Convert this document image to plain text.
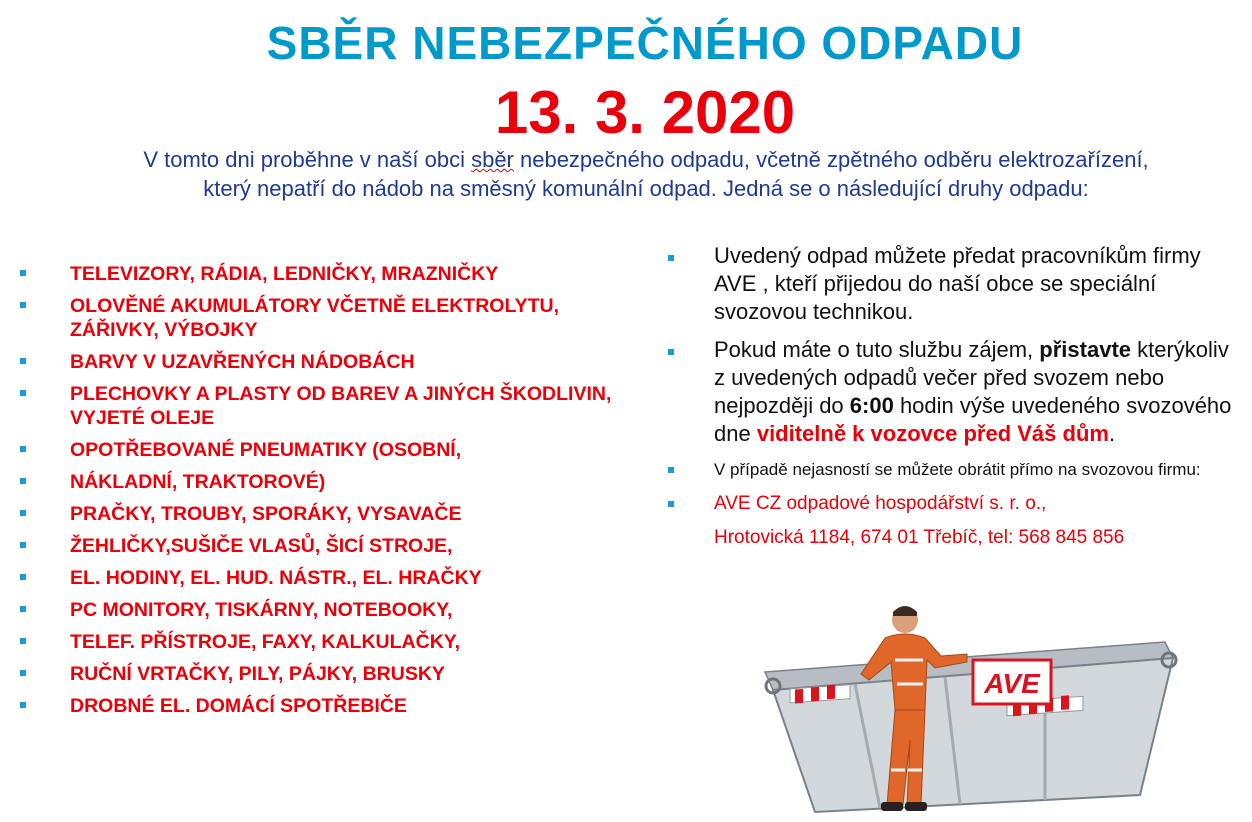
SBĚR NEBEZPEČNÉHO ODPADU
13. 3. 2020

V tomto dni proběhne v naší obci sběr nebezpečného odpadu, včetně zpětného odběru elektrozařízení,
který nepatří do nádob na směsný komunální odpad. Jedná se o následující druhy odpadu:

TELEVIZORY, RÁDIA, LEDNIČKY, MRAZNIČKY
OLOVĚNÉ AKUMULÁTORY VČETNĚ ELEKTROLYTU, ZÁŘIVKY, VÝBOJKY
BARVY V UZAVŘENÝCH NÁDOBÁCH
PLECHOVKY A PLASTY OD BAREV A JINÝCH ŠKODLIVIN, VYJETÉ OLEJE
OPOTŘEBOVANÉ PNEUMATIKY (OSOBNÍ,
NÁKLADNÍ, TRAKTOROVÉ)
PRAČKY, TROUBY, SPORÁKY, VYSAVAČE
ŽEHLIČKY,SUŠIČE VLASŮ, ŠICÍ STROJE,
EL. HODINY, EL. HUD. NÁSTR., EL. HRAČKY
PC MONITORY, TISKÁRNY, NOTEBOOKY,
TELEF. PŘÍSTROJE, FAXY, KALKULAČKY,
RUČNÍ VRTAČKY, PILY, PÁJKY, BRUSKY
DROBNÉ EL. DOMÁCÍ SPOTŘEBIČE
Uvedený odpad můžete předat pracovníkům firmy AVE , kteří přijedou do naší obce se speciální svozovou technikou.
Pokud máte o tuto službu zájem, přistavte kterýkoliv z uvedených odpadů večer před svozem nebo nejpozději do 6:00 hodin výše uvedeného svozového dne viditelně k vozovce před Váš dům.
V případě nejasností se můžete obrátit přímo na svozovou firmu:
AVE CZ odpadové hospodářství s. r. o.,
Hrotovická 1184, 674 01 Třebíč, tel: 568 845 856
AVE
